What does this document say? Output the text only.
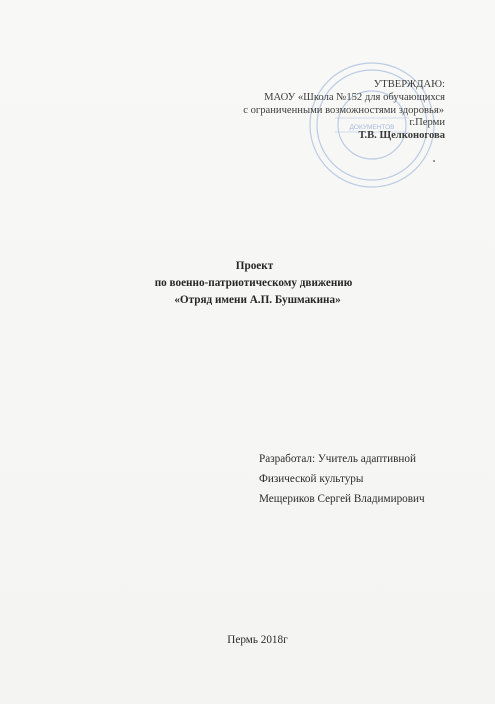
ДОКУМЕНТОВ
УТВЕРЖДАЮ:
МАОУ «Школа №152 для обучающихся
с ограниченными возможностями здоровья»
г.Перми
Т.В. Щелконогова
Проект
по военно-патриотическому движению
«Отряд имени А.П. Бушмакина»
Разработал: Учитель адаптивной
Физической культуры
Мещериков Сергей Владимирович
Пермь 2018г
